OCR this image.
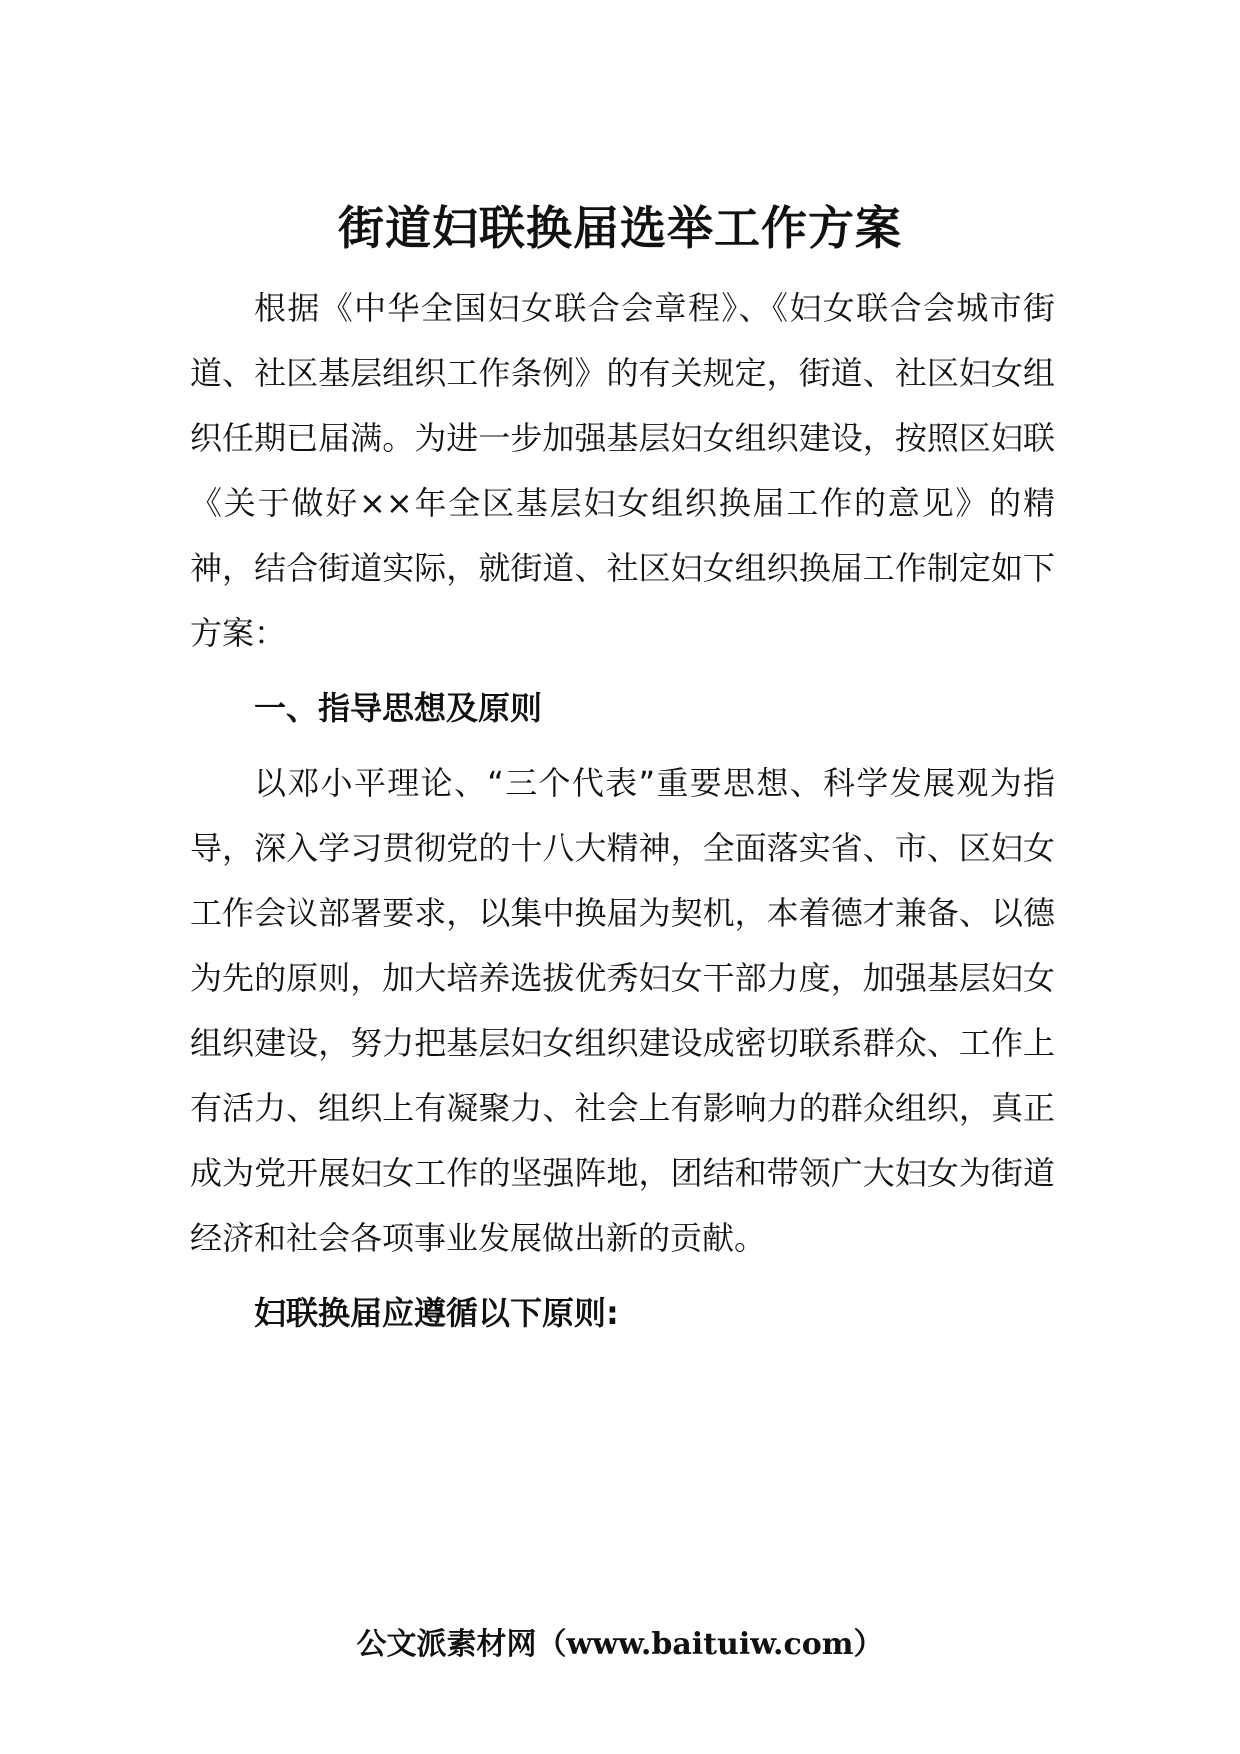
街道妇联换届选举工作方案

根据《中华全国妇女联合会章程》、《妇女联合会城市街道、社区基层组织工作条例》的有关规定，街道、社区妇女组织任期已届满。为进一步加强基层妇女组织建设，按照区妇联《关于做好××年全区基层妇女组织换届工作的意见》的精神，结合街道实际，就街道、社区妇女组织换届工作制定如下方案：

一、指导思想及原则

以邓小平理论、“三个代表”重要思想、科学发展观为指导，深入学习贯彻党的十八大精神，全面落实省、市、区妇女工作会议部署要求，以集中换届为契机，本着德才兼备、以德为先的原则，加大培养选拔优秀妇女干部力度，加强基层妇女组织建设，努力把基层妇女组织建设成密切联系群众、工作上有活力、组织上有凝聚力、社会上有影响力的群众组织，真正成为党开展妇女工作的坚强阵地，团结和带领广大妇女为街道经济和社会各项事业发展做出新的贡献。

妇联换届应遵循以下原则:

公文派素材网（www.baituiw.com）
